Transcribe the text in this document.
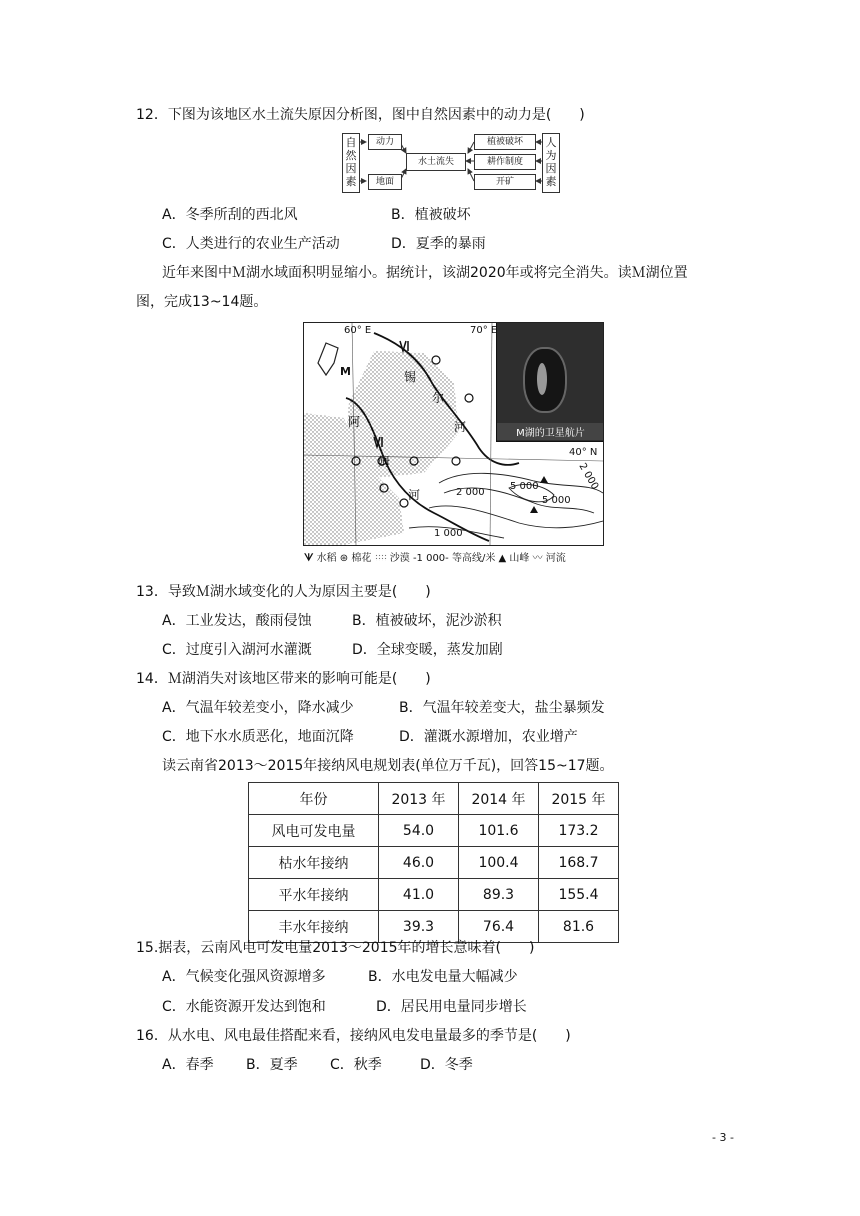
12．下图为该地区水土流失原因分析图，图中自然因素中的动力是(　　)
自然因素
动力
地面
水土流失
植被破坏
耕作制度
开矿
人为因素
A．冬季所刮的西北风	B．植被破坏
C．人类进行的农业生产活动	D．夏季的暴雨
近年来图中Ｍ湖水域面积明显缩小。据统计，该湖2020年或将完全消失。读Ｍ湖位置
图，完成13~14题。
M湖的卫星航片
60° E	70° E
40° N
M	锡
尔
河
阿
姆
河	2 000
5 000
5 000
2 000
1 000
ᗐ 水稻 ⊛ 棉花 沙漠 -1 000- 等高线/米 ▲ 山峰 〰 河流
13．导致Ｍ湖水域变化的人为原因主要是(　　)
A．工业发达，酸雨侵蚀	B．植被破坏，泥沙淤积
C．过度引入湖河水灌溉	D．全球变暖，蒸发加剧
14．Ｍ湖消失对该地区带来的影响可能是(　　)
A．气温年较差变小，降水减少	B．气温年较差变大，盐尘暴频发
C．地下水水质恶化，地面沉降	D．灌溉水源增加，农业增产
读云南省2013～2015年接纳风电规划表(单位万千瓦)，回答15~17题。
年份	2013 年	2014 年	2015 年
风电可发电量	54.0	101.6	173.2
枯水年接纳	46.0	100.4	168.7
平水年接纳	41.0	89.3	155.4
丰水年接纳	39.3	76.4	81.6
15.据表，云南风电可发电量2013～2015年的增长意味着(　　)
A．气候变化强风资源增多	B．水电发电量大幅减少
C．水能资源开发达到饱和	D．居民用电量同步增长
16．从水电、风电最佳搭配来看，接纳风电发电量最多的季节是(　　)
A．春季 B．夏季 C．秋季	D．冬季
- 3 -
